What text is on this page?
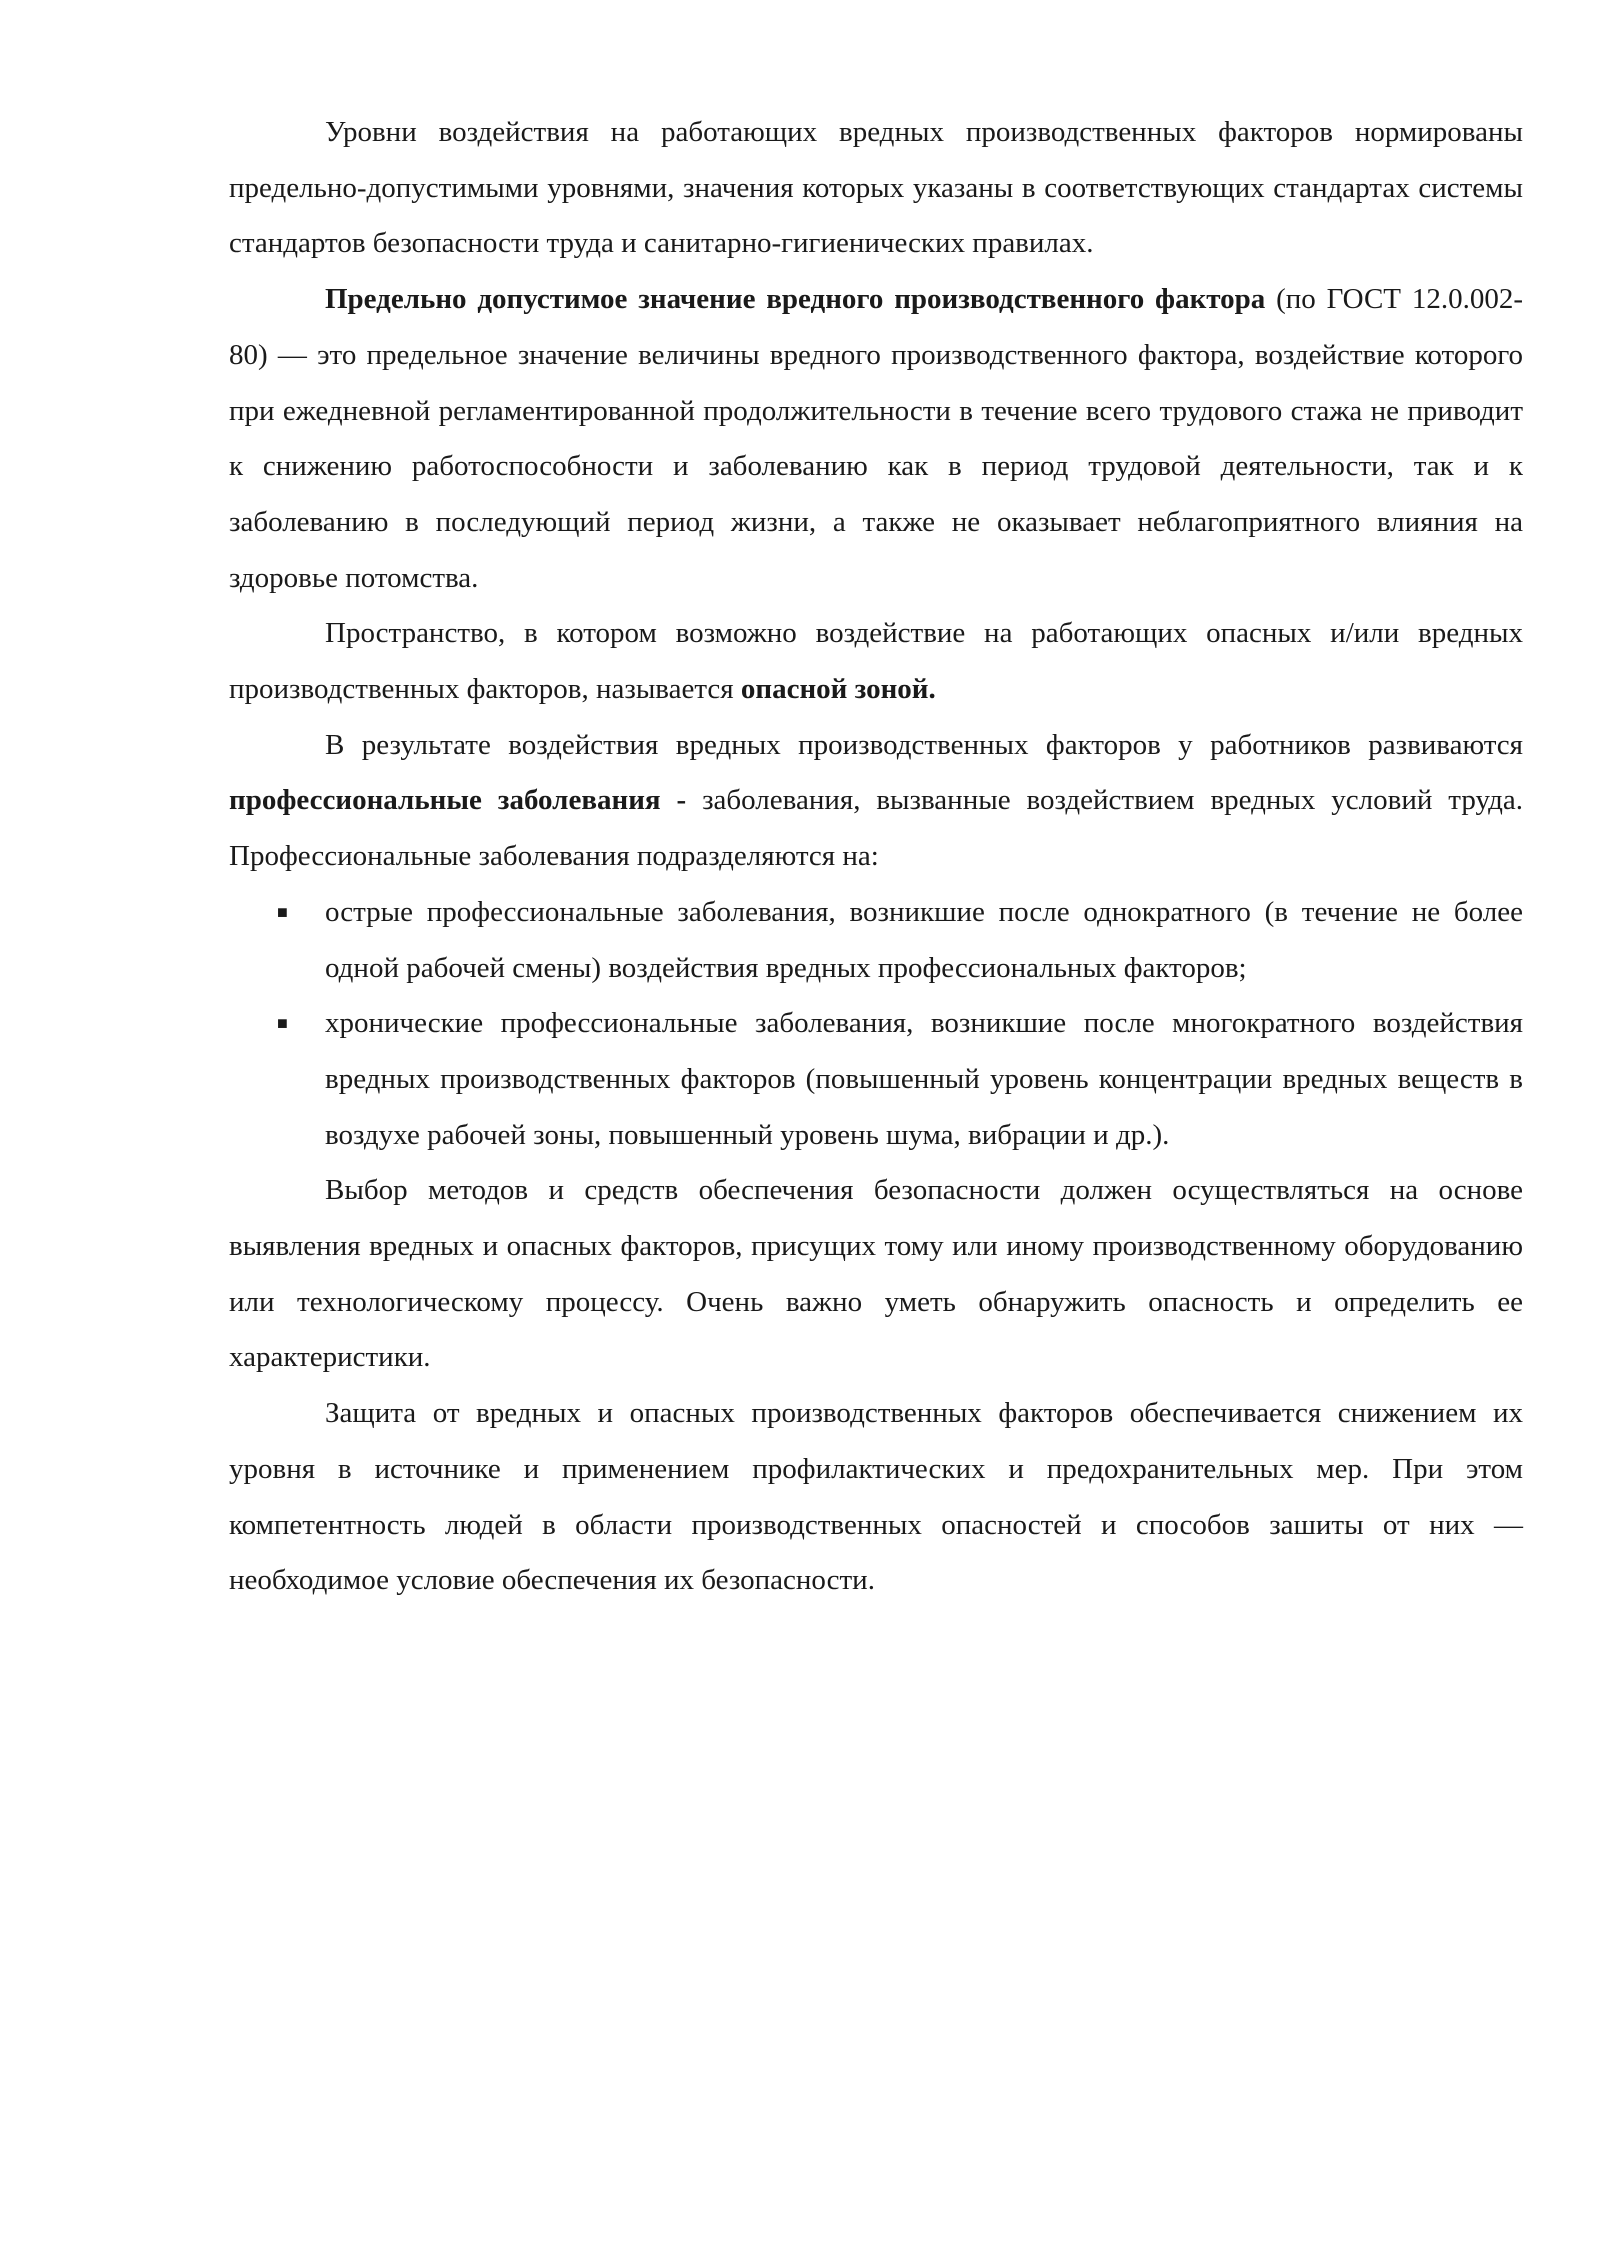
Уровни воздействия на работающих вредных производственных факторов нормированы предельно-допустимыми уровнями, значения которых указаны в соответствующих стандартах системы стандартов безопасности труда и санитарно-гигиенических правилах.

Предельно допустимое значение вредного производственного фактора (по ГОСТ 12.0.002-80) — это предельное значение величины вредного производственного фактора, воздействие которого при ежедневной регламентированной продолжительности в течение всего трудового стажа не приводит к снижению работоспособности и заболеванию как в период трудовой деятельности, так и к заболеванию в последующий период жизни, а также не оказывает неблагоприятного влияния на здоровье потомства.

Пространство, в котором возможно воздействие на работающих опасных и/или вредных производственных факторов, называется опасной зоной.

В результате воздействия вредных производственных факторов у работников развиваются профессиональные заболевания - заболевания, вызванные воздействием вредных условий труда. Профессиональные заболевания подразделяются на:

■ острые профессиональные заболевания, возникшие после однократного (в течение не более одной рабочей смены) воздействия вредных профессиональных факторов;
■ хронические профессиональные заболевания, возникшие после многократного воздействия вредных производственных факторов (повышенный уровень концентрации вредных веществ в воздухе рабочей зоны, повышенный уровень шума, вибрации и др.).

Выбор методов и средств обеспечения безопасности должен осуществляться на основе выявления вредных и опасных факторов, присущих тому или иному производственному оборудованию или технологическому процессу. Очень важно уметь обнаружить опасность и определить ее характеристики.

Защита от вредных и опасных производственных факторов обеспечивается снижением их уровня в источнике и применением профилактических и предохранительных мер. При этом компетентность людей в области производственных опасностей и способов зашиты от них — необходимое условие обеспечения их безопасности.
